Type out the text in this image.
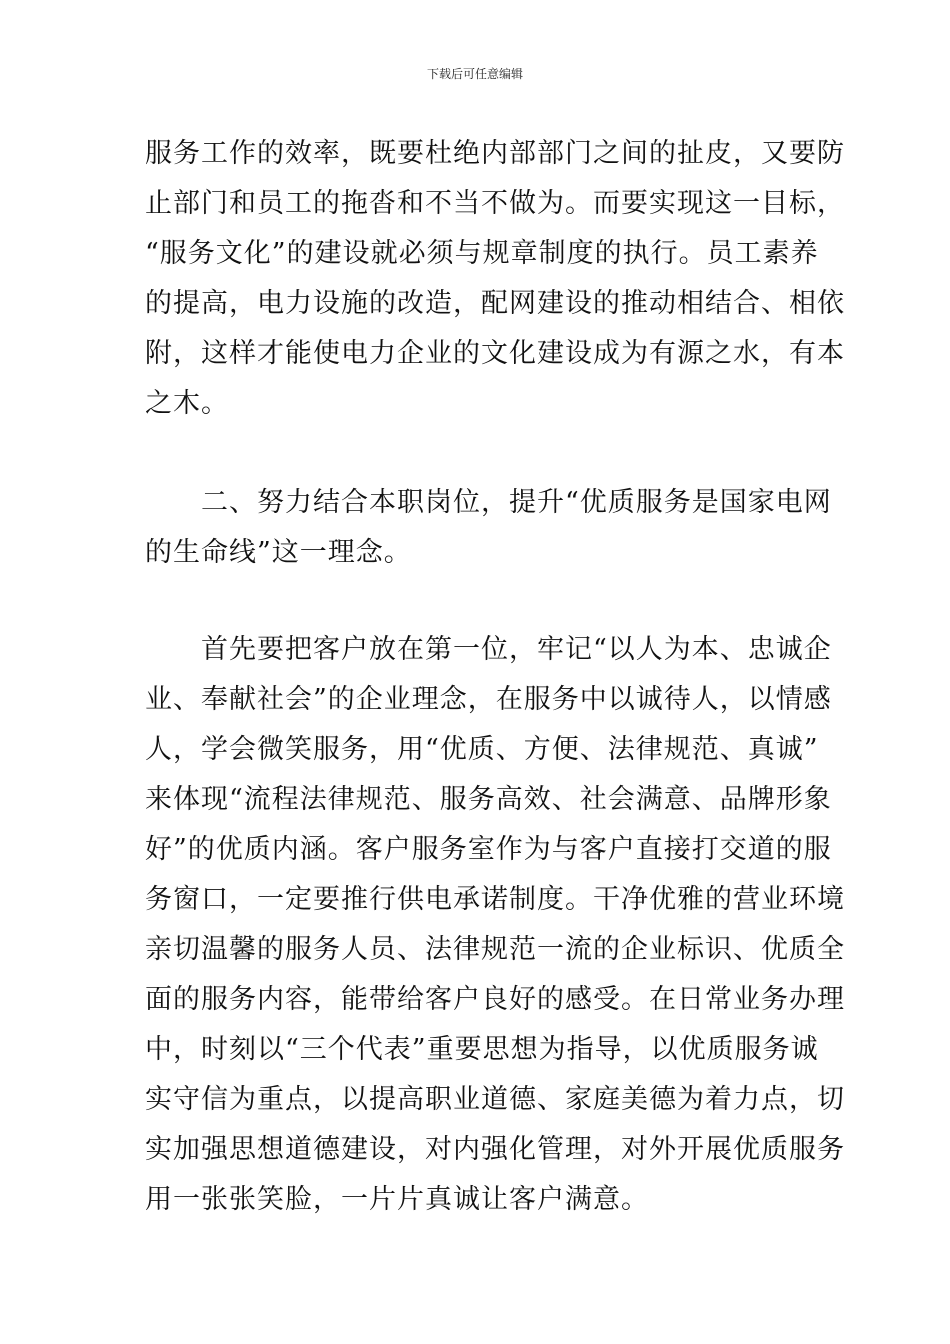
下载后可任意编辑
服务工作的效率，既要杜绝内部部门之间的扯皮，又要防
止部门和员工的拖沓和不当不做为。而要实现这一目标，
“服务文化”的建设就必须与规章制度的执行。员工素养
的提高，电力设施的改造，配网建设的推动相结合、相依
附，这样才能使电力企业的文化建设成为有源之水，有本
之木。
二、努力结合本职岗位，提升“优质服务是国家电网
的生命线”这一理念。
首先要把客户放在第一位，牢记“以人为本、忠诚企
业、奉献社会”的企业理念，在服务中以诚待人，以情感
人，学会微笑服务，用“优质、方便、法律规范、真诚”
来体现“流程法律规范、服务高效、社会满意、品牌形象
好”的优质内涵。客户服务室作为与客户直接打交道的服
务窗口，一定要推行供电承诺制度。干净优雅的营业环境
亲切温馨的服务人员、法律规范一流的企业标识、优质全
面的服务内容，能带给客户良好的感受。在日常业务办理
中，时刻以“三个代表”重要思想为指导，以优质服务诚
实守信为重点，以提高职业道德、家庭美德为着力点，切
实加强思想道德建设，对内强化管理，对外开展优质服务
用一张张笑脸，一片片真诚让客户满意。
